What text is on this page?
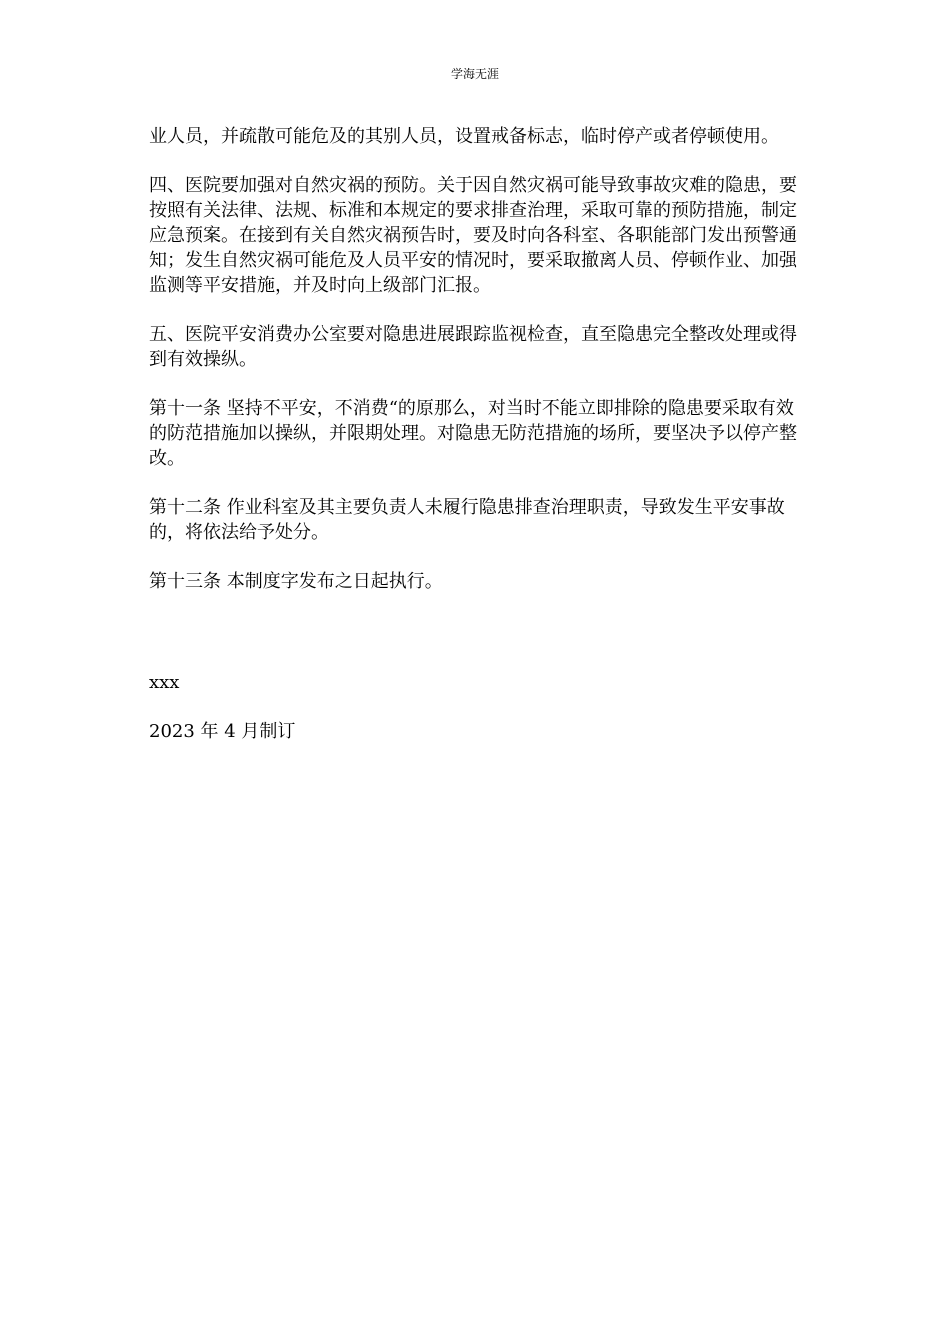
学海无涯

业人员，并疏散可能危及的其别人员，设置戒备标志，临时停产或者停顿使用。

四、医院要加强对自然灾祸的预防。关于因自然灾祸可能导致事故灾难的隐患，要按照有关法律、法规、标准和本规定的要求排查治理，采取可靠的预防措施，制定应急预案。在接到有关自然灾祸预告时，要及时向各科室、各职能部门发出预警通知；发生自然灾祸可能危及人员平安的情况时，要采取撤离人员、停顿作业、加强监测等平安措施，并及时向上级部门汇报。

五、医院平安消费办公室要对隐患进展跟踪监视检查，直至隐患完全整改处理或得到有效操纵。

第十一条 坚持不平安，不消费“的原那么，对当时不能立即排除的隐患要采取有效的防范措施加以操纵，并限期处理。对隐患无防范措施的场所，要坚决予以停产整改。

第十二条 作业科室及其主要负责人未履行隐患排查治理职责，导致发生平安事故的，将依法给予处分。

第十三条 本制度字发布之日起执行。

xxx

2023 年 4 月制订
